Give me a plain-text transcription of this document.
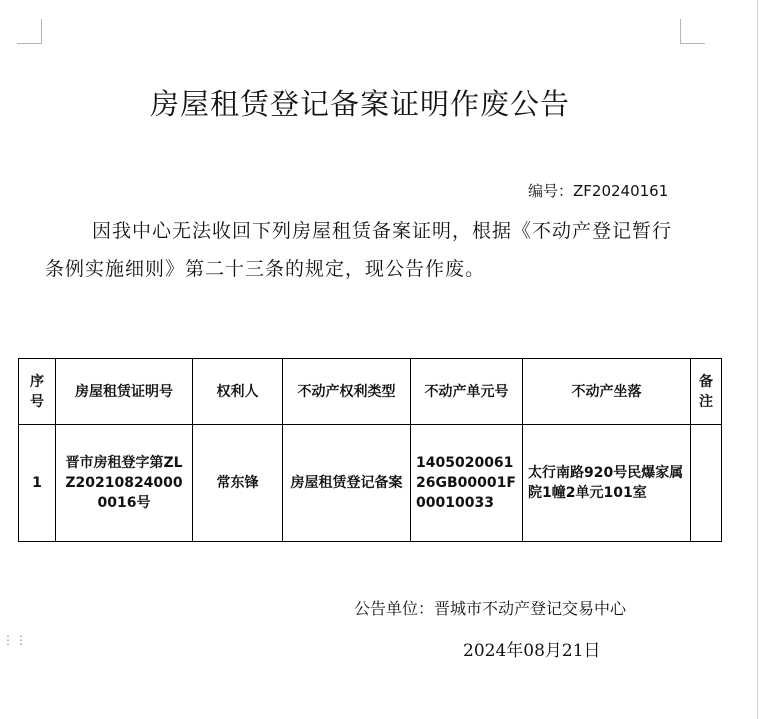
⋮⋮
房屋租赁登记备案证明作废公告
编号：ZF20240161
因我中心无法收回下列房屋租赁备案证明，根据《不动产登记暂行条例实施细则》第二十三条的规定，现公告作废。
序号	房屋租赁证明号	权利人	不动产权利类型	不动产单元号	不动产坐落	备注
1	晋市房租登字第ZLZ202108240000016号	常东锋	房屋租赁登记备案	140502006126GB00001F00010033	太行南路920号民爆家属院1幢2单元101室	
公告单位：晋城市不动产登记交易中心
2024年08月21日
